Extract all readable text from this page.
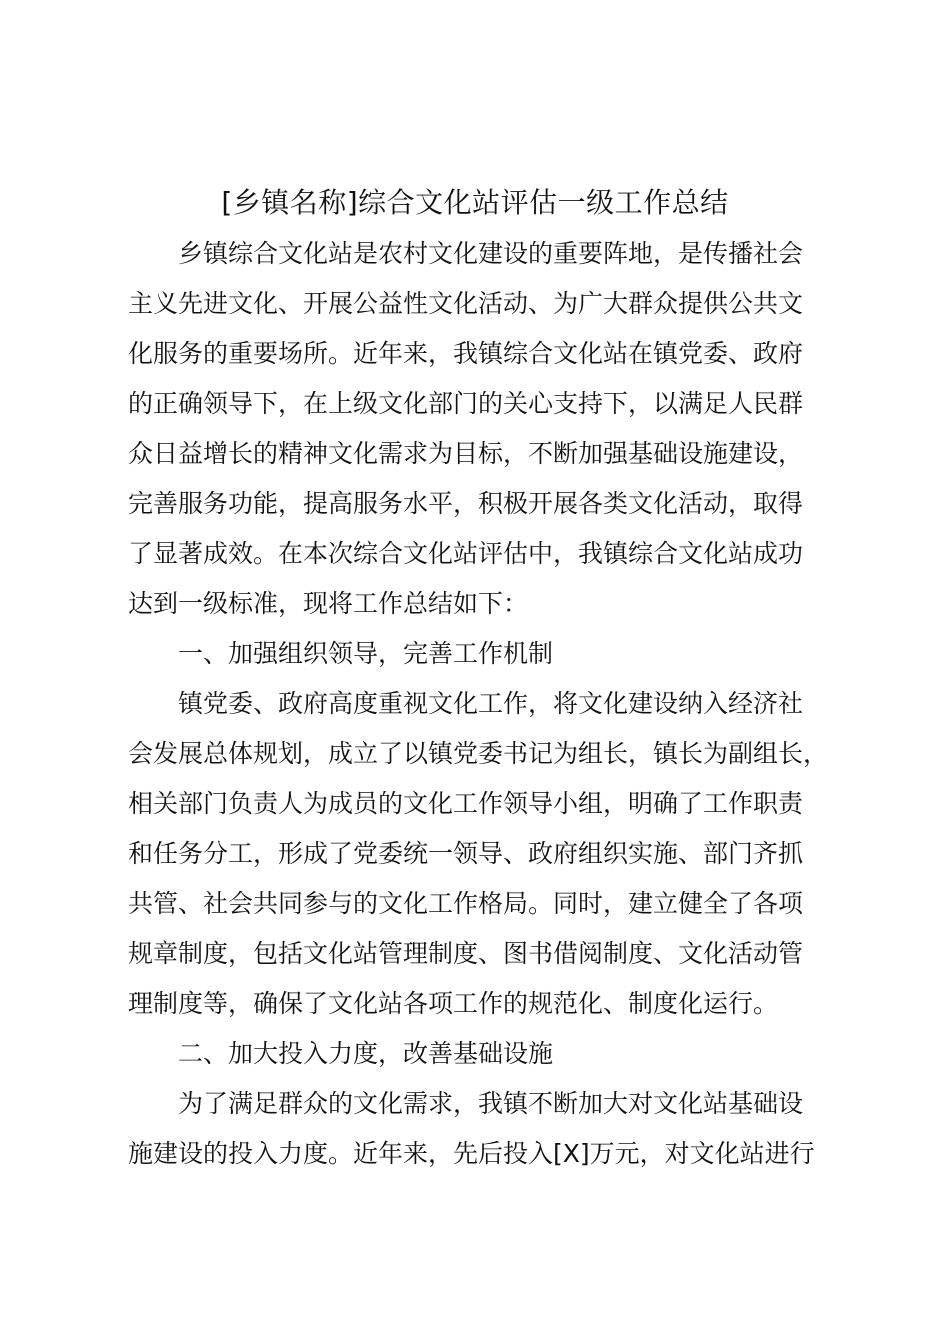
[乡镇名称]综合文化站评估一级工作总结
乡镇综合文化站是农村文化建设的重要阵地，是传播社会
主义先进文化、开展公益性文化活动、为广大群众提供公共文
化服务的重要场所。近年来，我镇综合文化站在镇党委、政府
的正确领导下，在上级文化部门的关心支持下，以满足人民群
众日益增长的精神文化需求为目标，不断加强基础设施建设，
完善服务功能，提高服务水平，积极开展各类文化活动，取得
了显著成效。在本次综合文化站评估中，我镇综合文化站成功
达到一级标准，现将工作总结如下：
一、加强组织领导，完善工作机制
镇党委、政府高度重视文化工作，将文化建设纳入经济社
会发展总体规划，成立了以镇党委书记为组长，镇长为副组长，
相关部门负责人为成员的文化工作领导小组，明确了工作职责
和任务分工，形成了党委统一领导、政府组织实施、部门齐抓
共管、社会共同参与的文化工作格局。同时，建立健全了各项
规章制度，包括文化站管理制度、图书借阅制度、文化活动管
理制度等，确保了文化站各项工作的规范化、制度化运行。
二、加大投入力度，改善基础设施
为了满足群众的文化需求，我镇不断加大对文化站基础设
施建设的投入力度。近年来，先后投入[X]万元，对文化站进行
